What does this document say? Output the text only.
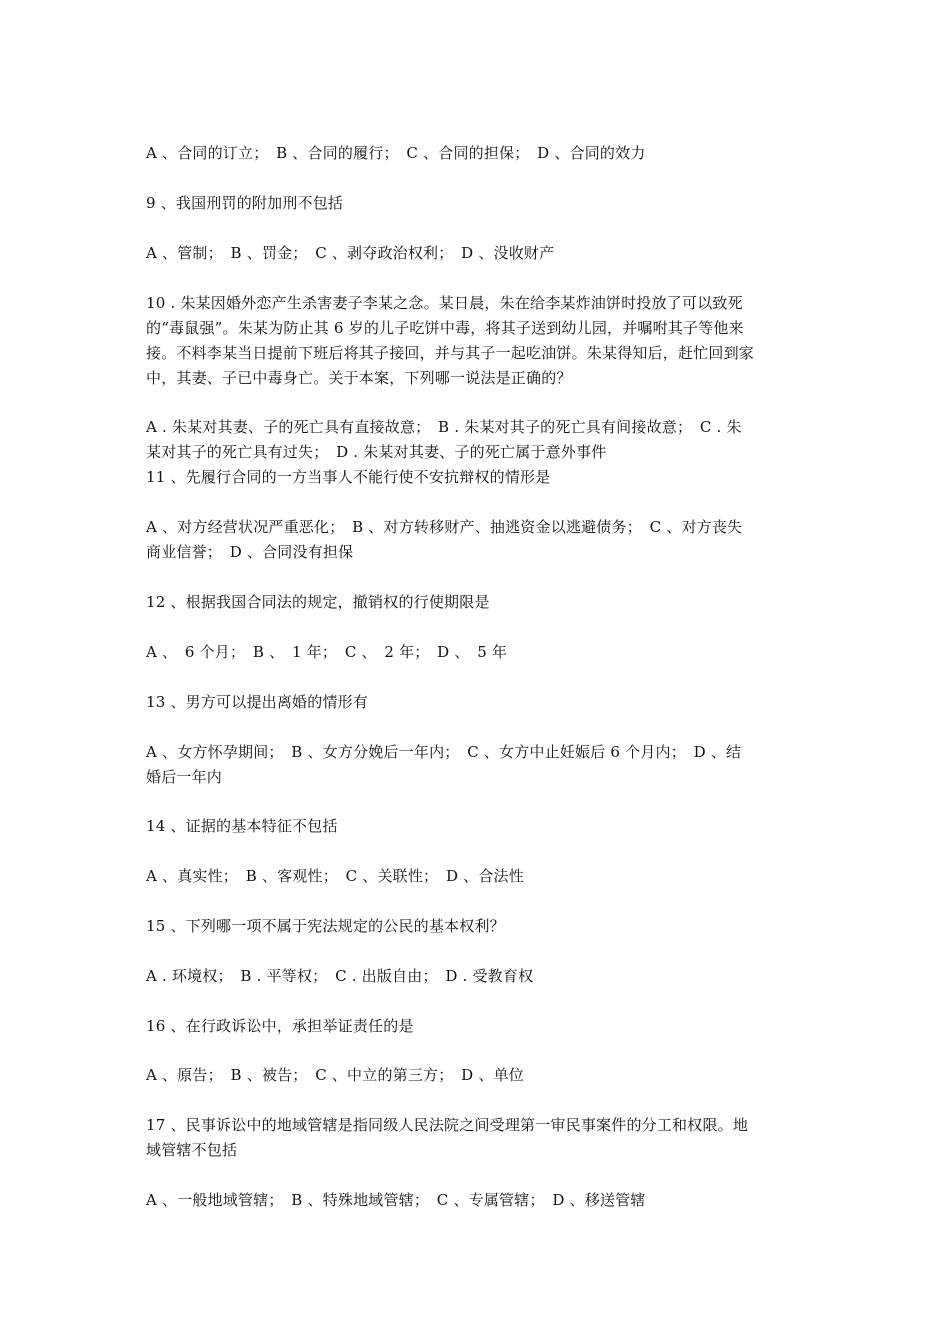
A 、合同的订立；　B 、合同的履行；　C 、合同的担保；　D 、合同的效力
9 、我国刑罚的附加刑不包括
A 、管制；　B 、罚金；　C 、剥夺政治权利；　D 、没收财产
10 . 朱某因婚外恋产生杀害妻子李某之念。某日晨，朱在给李某炸油饼时投放了可以致死
的“毒鼠强”。朱某为防止其 6 岁的儿子吃饼中毒，将其子送到幼儿园，并嘱咐其子等他来
接。不料李某当日提前下班后将其子接回，并与其子一起吃油饼。朱某得知后，赶忙回到家
中，其妻、子已中毒身亡。关于本案，下列哪一说法是正确的？
A . 朱某对其妻、子的死亡具有直接故意；　B . 朱某对其子的死亡具有间接故意；　C . 朱
某对其子的死亡具有过失；　D . 朱某对其妻、子的死亡属于意外事件
11 、先履行合同的一方当事人不能行使不安抗辩权的情形是
A 、对方经营状况严重恶化；　B 、对方转移财产、抽逃资金以逃避债务；　C 、对方丧失
商业信誉；　D 、合同没有担保
12 、根据我国合同法的规定，撤销权的行使期限是
A 、　6 个月；　B 、　1 年；　C 、　2 年；　D 、　5 年
13 、男方可以提出离婚的情形有
A 、女方怀孕期间；　B 、女方分娩后一年内；　C 、女方中止妊娠后 6 个月内；　D 、结
婚后一年内
14 、证据的基本特征不包括
A 、真实性；　B 、客观性；　C 、关联性；　D 、合法性
15 、下列哪一项不属于宪法规定的公民的基本权利？
A . 环境权；　B . 平等权；　C . 出版自由；　D . 受教育权
16 、在行政诉讼中，承担举证责任的是
A 、原告；　B 、被告；　C 、中立的第三方；　D 、单位
17 、民事诉讼中的地域管辖是指同级人民法院之间受理第一审民事案件的分工和权限。地
域管辖不包括
A 、一般地域管辖；　B 、特殊地域管辖；　C 、专属管辖；　D 、移送管辖
